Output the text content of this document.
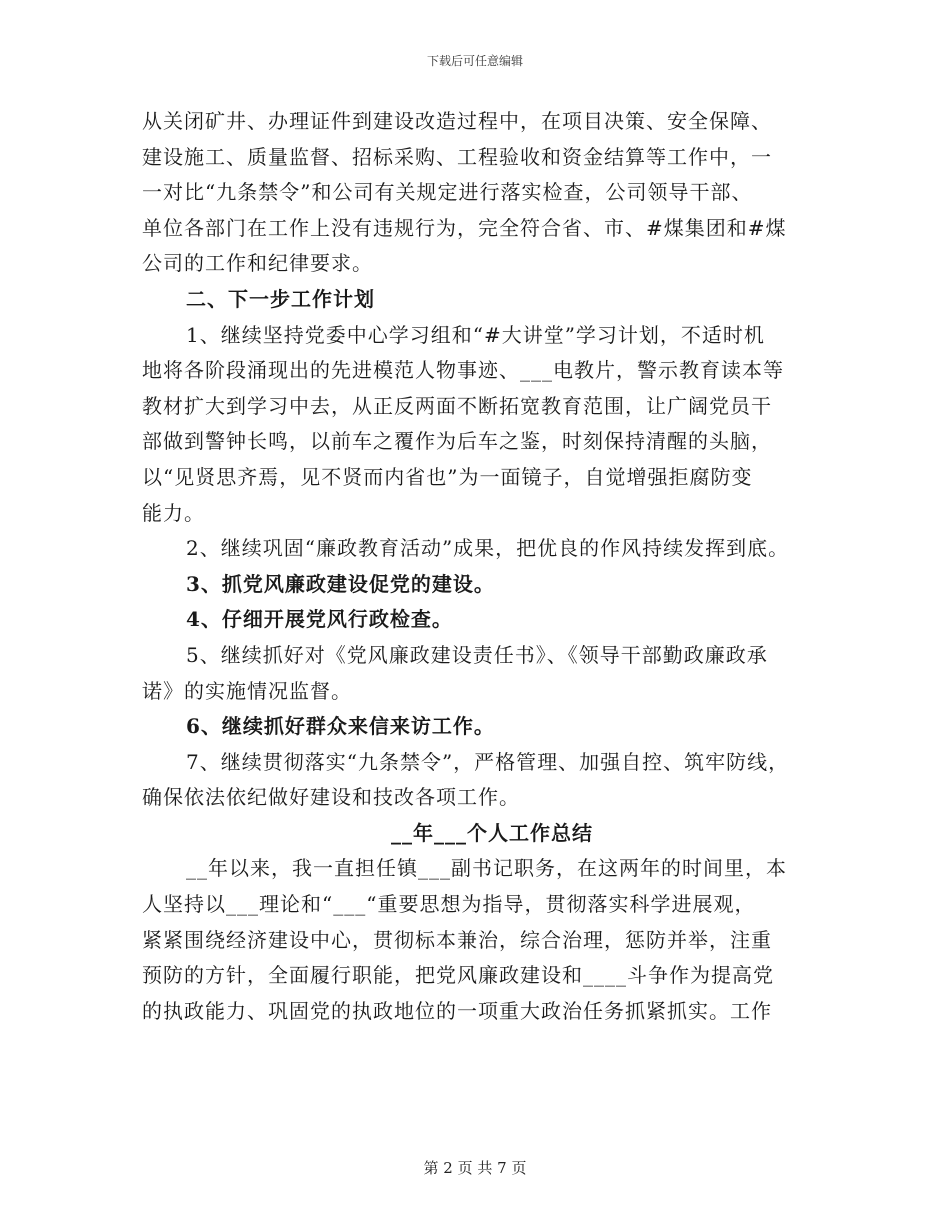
下载后可任意编辑
从关闭矿井、办理证件到建设改造过程中，在项目决策、安全保障、
建设施工、质量监督、招标采购、工程验收和资金结算等工作中，一
一对比“九条禁令”和公司有关规定进行落实检查，公司领导干部、
单位各部门在工作上没有违规行为，完全符合省、市、#煤集团和#煤
公司的工作和纪律要求。
二、下一步工作计划
1、继续坚持党委中心学习组和“#大讲堂”学习计划，不适时机
地将各阶段涌现出的先进模范人物事迹、___电教片，警示教育读本等
教材扩大到学习中去，从正反两面不断拓宽教育范围，让广阔党员干
部做到警钟长鸣，以前车之覆作为后车之鉴，时刻保持清醒的头脑，
以“见贤思齐焉，见不贤而内省也”为一面镜子，自觉增强拒腐防变
能力。
2、继续巩固“廉政教育活动”成果，把优良的作风持续发挥到底。
3、抓党风廉政建设促党的建设。
4、仔细开展党风行政检查。
5、继续抓好对《党风廉政建设责任书》、《领导干部勤政廉政承
诺》的实施情况监督。
6、继续抓好群众来信来访工作。
7、继续贯彻落实“九条禁令”，严格管理、加强自控、筑牢防线，
确保依法依纪做好建设和技改各项工作。
__年___个人工作总结
__年以来，我一直担任镇___副书记职务，在这两年的时间里，本
人坚持以___理论和“___“重要思想为指导，贯彻落实科学进展观，
紧紧围绕经济建设中心，贯彻标本兼治，综合治理，惩防并举，注重
预防的方针，全面履行职能，把党风廉政建设和____斗争作为提高党
的执政能力、巩固党的执政地位的一项重大政治任务抓紧抓实。工作
第 2 页 共 7 页
